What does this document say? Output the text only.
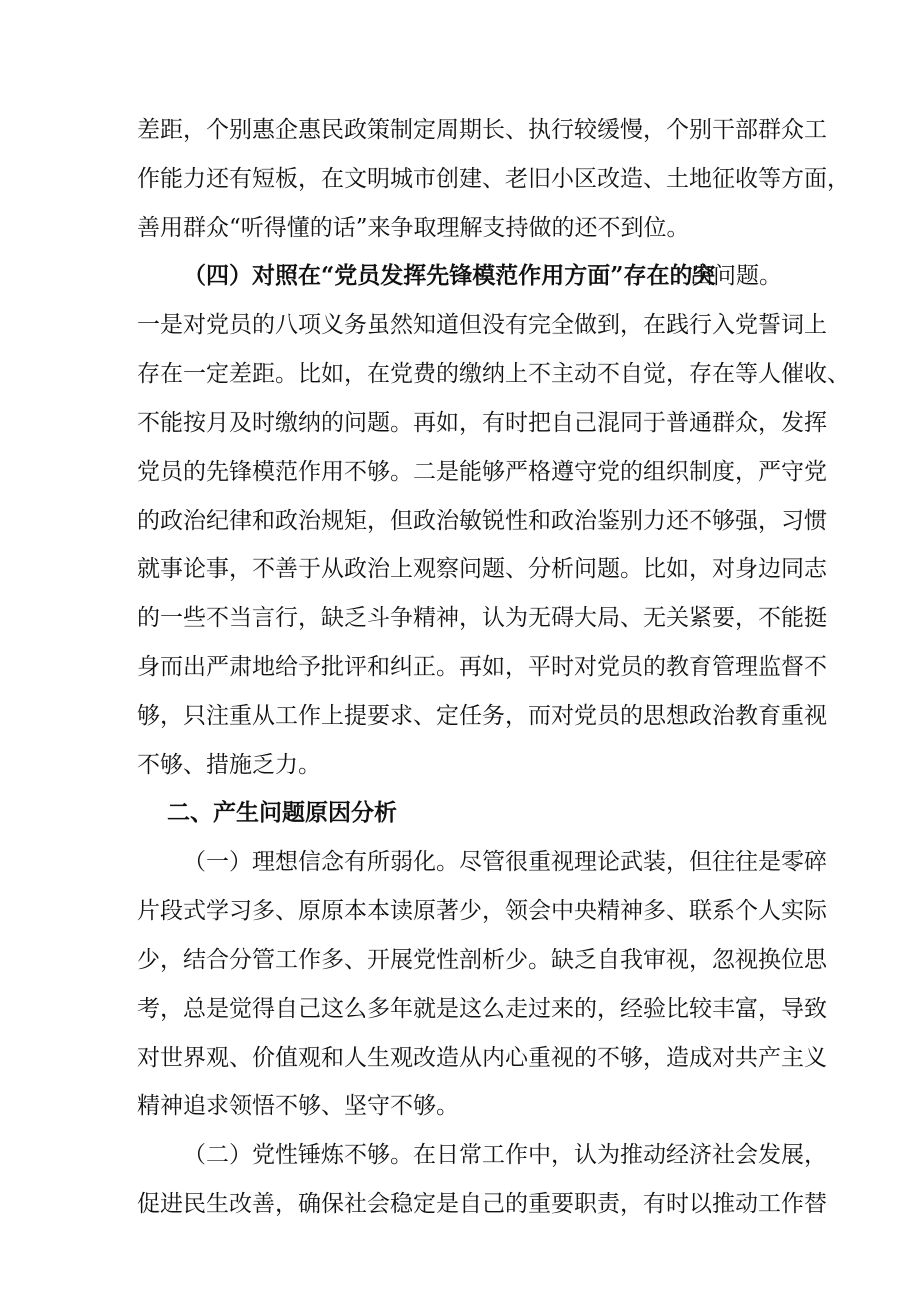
差距，个别惠企惠民政策制定周期长、执行较缓慢，个别干部群众工
作能力还有短板，在文明城市创建、老旧小区改造、土地征收等方面，
善用群众“听得懂的话”来争取理解支持做的还不到位。
（四）对照在“党员发挥先锋模范作用方面”存在的突
出问题。
一是对党员的八项义务虽然知道但没有完全做到，在践行入党誓词上
存在一定差距。比如，在党费的缴纳上不主动不自觉，存在等人催收、
不能按月及时缴纳的问题。再如，有时把自己混同于普通群众，发挥
党员的先锋模范作用不够。二是能够严格遵守党的组织制度，严守党
的政治纪律和政治规矩，但政治敏锐性和政治鉴别力还不够强，习惯
就事论事，不善于从政治上观察问题、分析问题。比如，对身边同志
的一些不当言行，缺乏斗争精神，认为无碍大局、无关紧要，不能挺
身而出严肃地给予批评和纠正。再如，平时对党员的教育管理监督不
够，只注重从工作上提要求、定任务，而对党员的思想政治教育重视
不够、措施乏力。
二、产生问题原因分析
（一）理想信念有所弱化。尽管很重视理论武装，但往往是零碎
片段式学习多、原原本本读原著少，领会中央精神多、联系个人实际
少，结合分管工作多、开展党性剖析少。缺乏自我审视，忽视换位思
考，总是觉得自己这么多年就是这么走过来的，经验比较丰富，导致
对世界观、价值观和人生观改造从内心重视的不够，造成对共产主义
精神追求领悟不够、坚守不够。
（二）党性锤炼不够。在日常工作中，认为推动经济社会发展，
促进民生改善，确保社会稳定是自己的重要职责，有时以推动工作替
